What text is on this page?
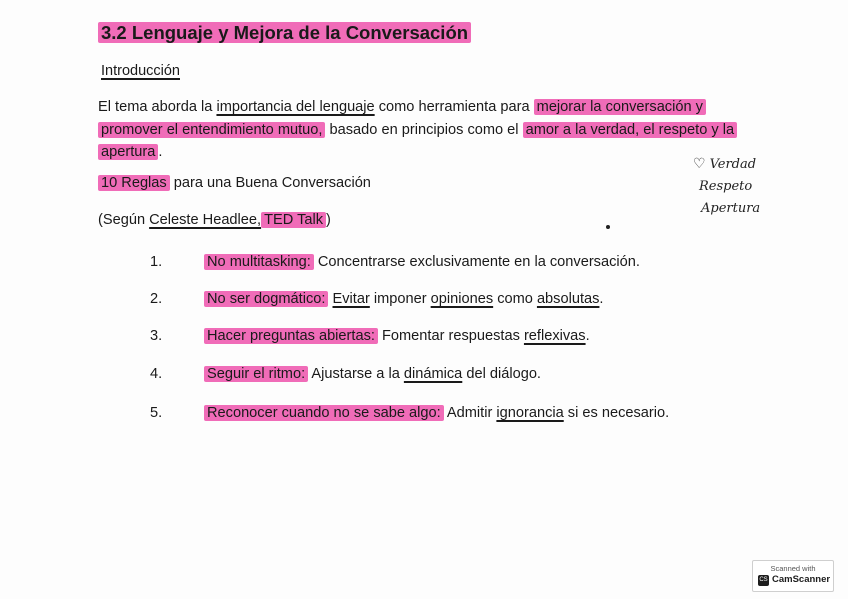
3.2 Lenguaje y Mejora de la Conversación

Introducción

El tema aborda la importancia del lenguaje como herramienta para mejorar la conversación y promover el entendimiento mutuo, basado en principios como el amor a la verdad, el respeto y la apertura .

10 Reglas para una Buena Conversación

(Según Celeste Headlee, TED Talk )

1.	No multitasking: Concentrarse exclusivamente en la conversación.
2.	No ser dogmático: Evitar imponer opiniones como absolutas.
3.	Hacer preguntas abiertas: Fomentar respuestas reflexivas.
4.	Seguir el ritmo: Ajustarse a la dinámica del diálogo.
5.	Reconocer cuando no se sabe algo: Admitir ignorancia si es necesario.
♡ Verdad
Respeto
Apertura
Scanned with
CS CamScanner
